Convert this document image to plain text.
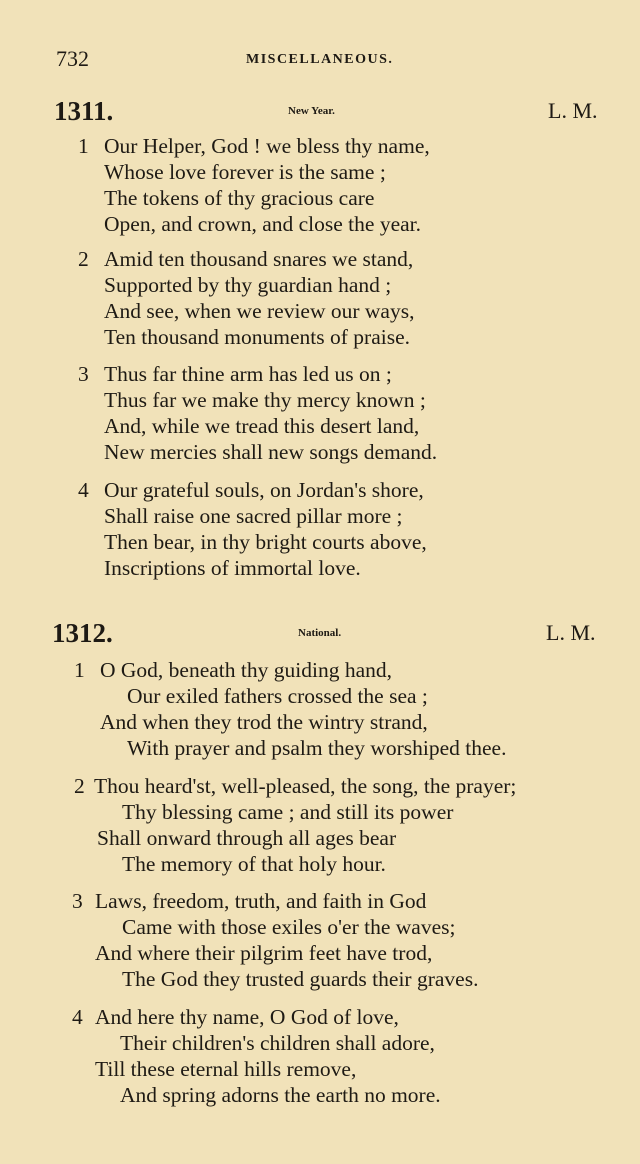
732	MISCELLANEOUS.
1311.	New Year.	L. M.
1 Our Helper, God ! we bless thy name,
Whose love forever is the same ;
The tokens of thy gracious care
Open, and crown, and close the year.
2 Amid ten thousand snares we stand,
Supported by thy guardian hand ;
And see, when we review our ways,
Ten thousand monuments of praise.
3 Thus far thine arm has led us on ;
Thus far we make thy mercy known ;
And, while we tread this desert land,
New mercies shall new songs demand.
4 Our grateful souls, on Jordan's shore,
Shall raise one sacred pillar more ;
Then bear, in thy bright courts above,
Inscriptions of immortal love.
1312.	National.	L. M.
1 O God, beneath thy guiding hand,
Our exiled fathers crossed the sea ;
And when they trod the wintry strand,
With prayer and psalm they worshiped thee.
2 Thou heard'st, well-pleased, the song, the prayer;
Thy blessing came ; and still its power
Shall onward through all ages bear
The memory of that holy hour.
3 Laws, freedom, truth, and faith in God
Came with those exiles o'er the waves;
And where their pilgrim feet have trod,
The God they trusted guards their graves.
4 And here thy name, O God of love,
Their children's children shall adore,
Till these eternal hills remove,
And spring adorns the earth no more.
